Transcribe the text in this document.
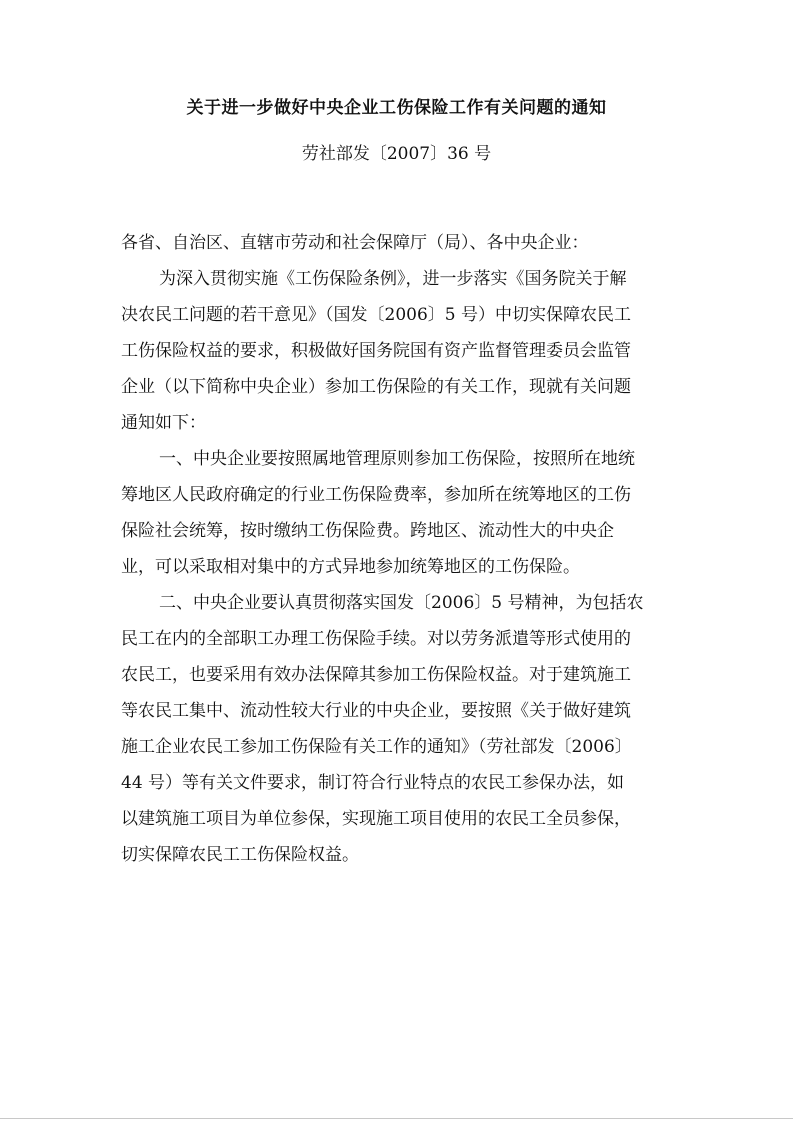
关于进一步做好中央企业工伤保险工作有关问题的通知
劳社部发〔2007〕36 号
各省、自治区、直辖市劳动和社会保障厅（局）、各中央企业：
为深入贯彻实施《工伤保险条例》，进一步落实《国务院关于解
决农民工问题的若干意见》（国发〔2006〕5 号）中切实保障农民工
工伤保险权益的要求，积极做好国务院国有资产监督管理委员会监管
企业（以下简称中央企业）参加工伤保险的有关工作，现就有关问题
通知如下：
一、中央企业要按照属地管理原则参加工伤保险，按照所在地统
筹地区人民政府确定的行业工伤保险费率，参加所在统筹地区的工伤
保险社会统筹，按时缴纳工伤保险费。跨地区、流动性大的中央企
业，可以采取相对集中的方式异地参加统筹地区的工伤保险。
二、中央企业要认真贯彻落实国发〔2006〕5 号精神，为包括农
民工在内的全部职工办理工伤保险手续。对以劳务派遣等形式使用的
农民工，也要采用有效办法保障其参加工伤保险权益。对于建筑施工
等农民工集中、流动性较大行业的中央企业，要按照《关于做好建筑
施工企业农民工参加工伤保险有关工作的通知》（劳社部发〔2006〕
44 号）等有关文件要求，制订符合行业特点的农民工参保办法，如
以建筑施工项目为单位参保，实现施工项目使用的农民工全员参保，
切实保障农民工工伤保险权益。
